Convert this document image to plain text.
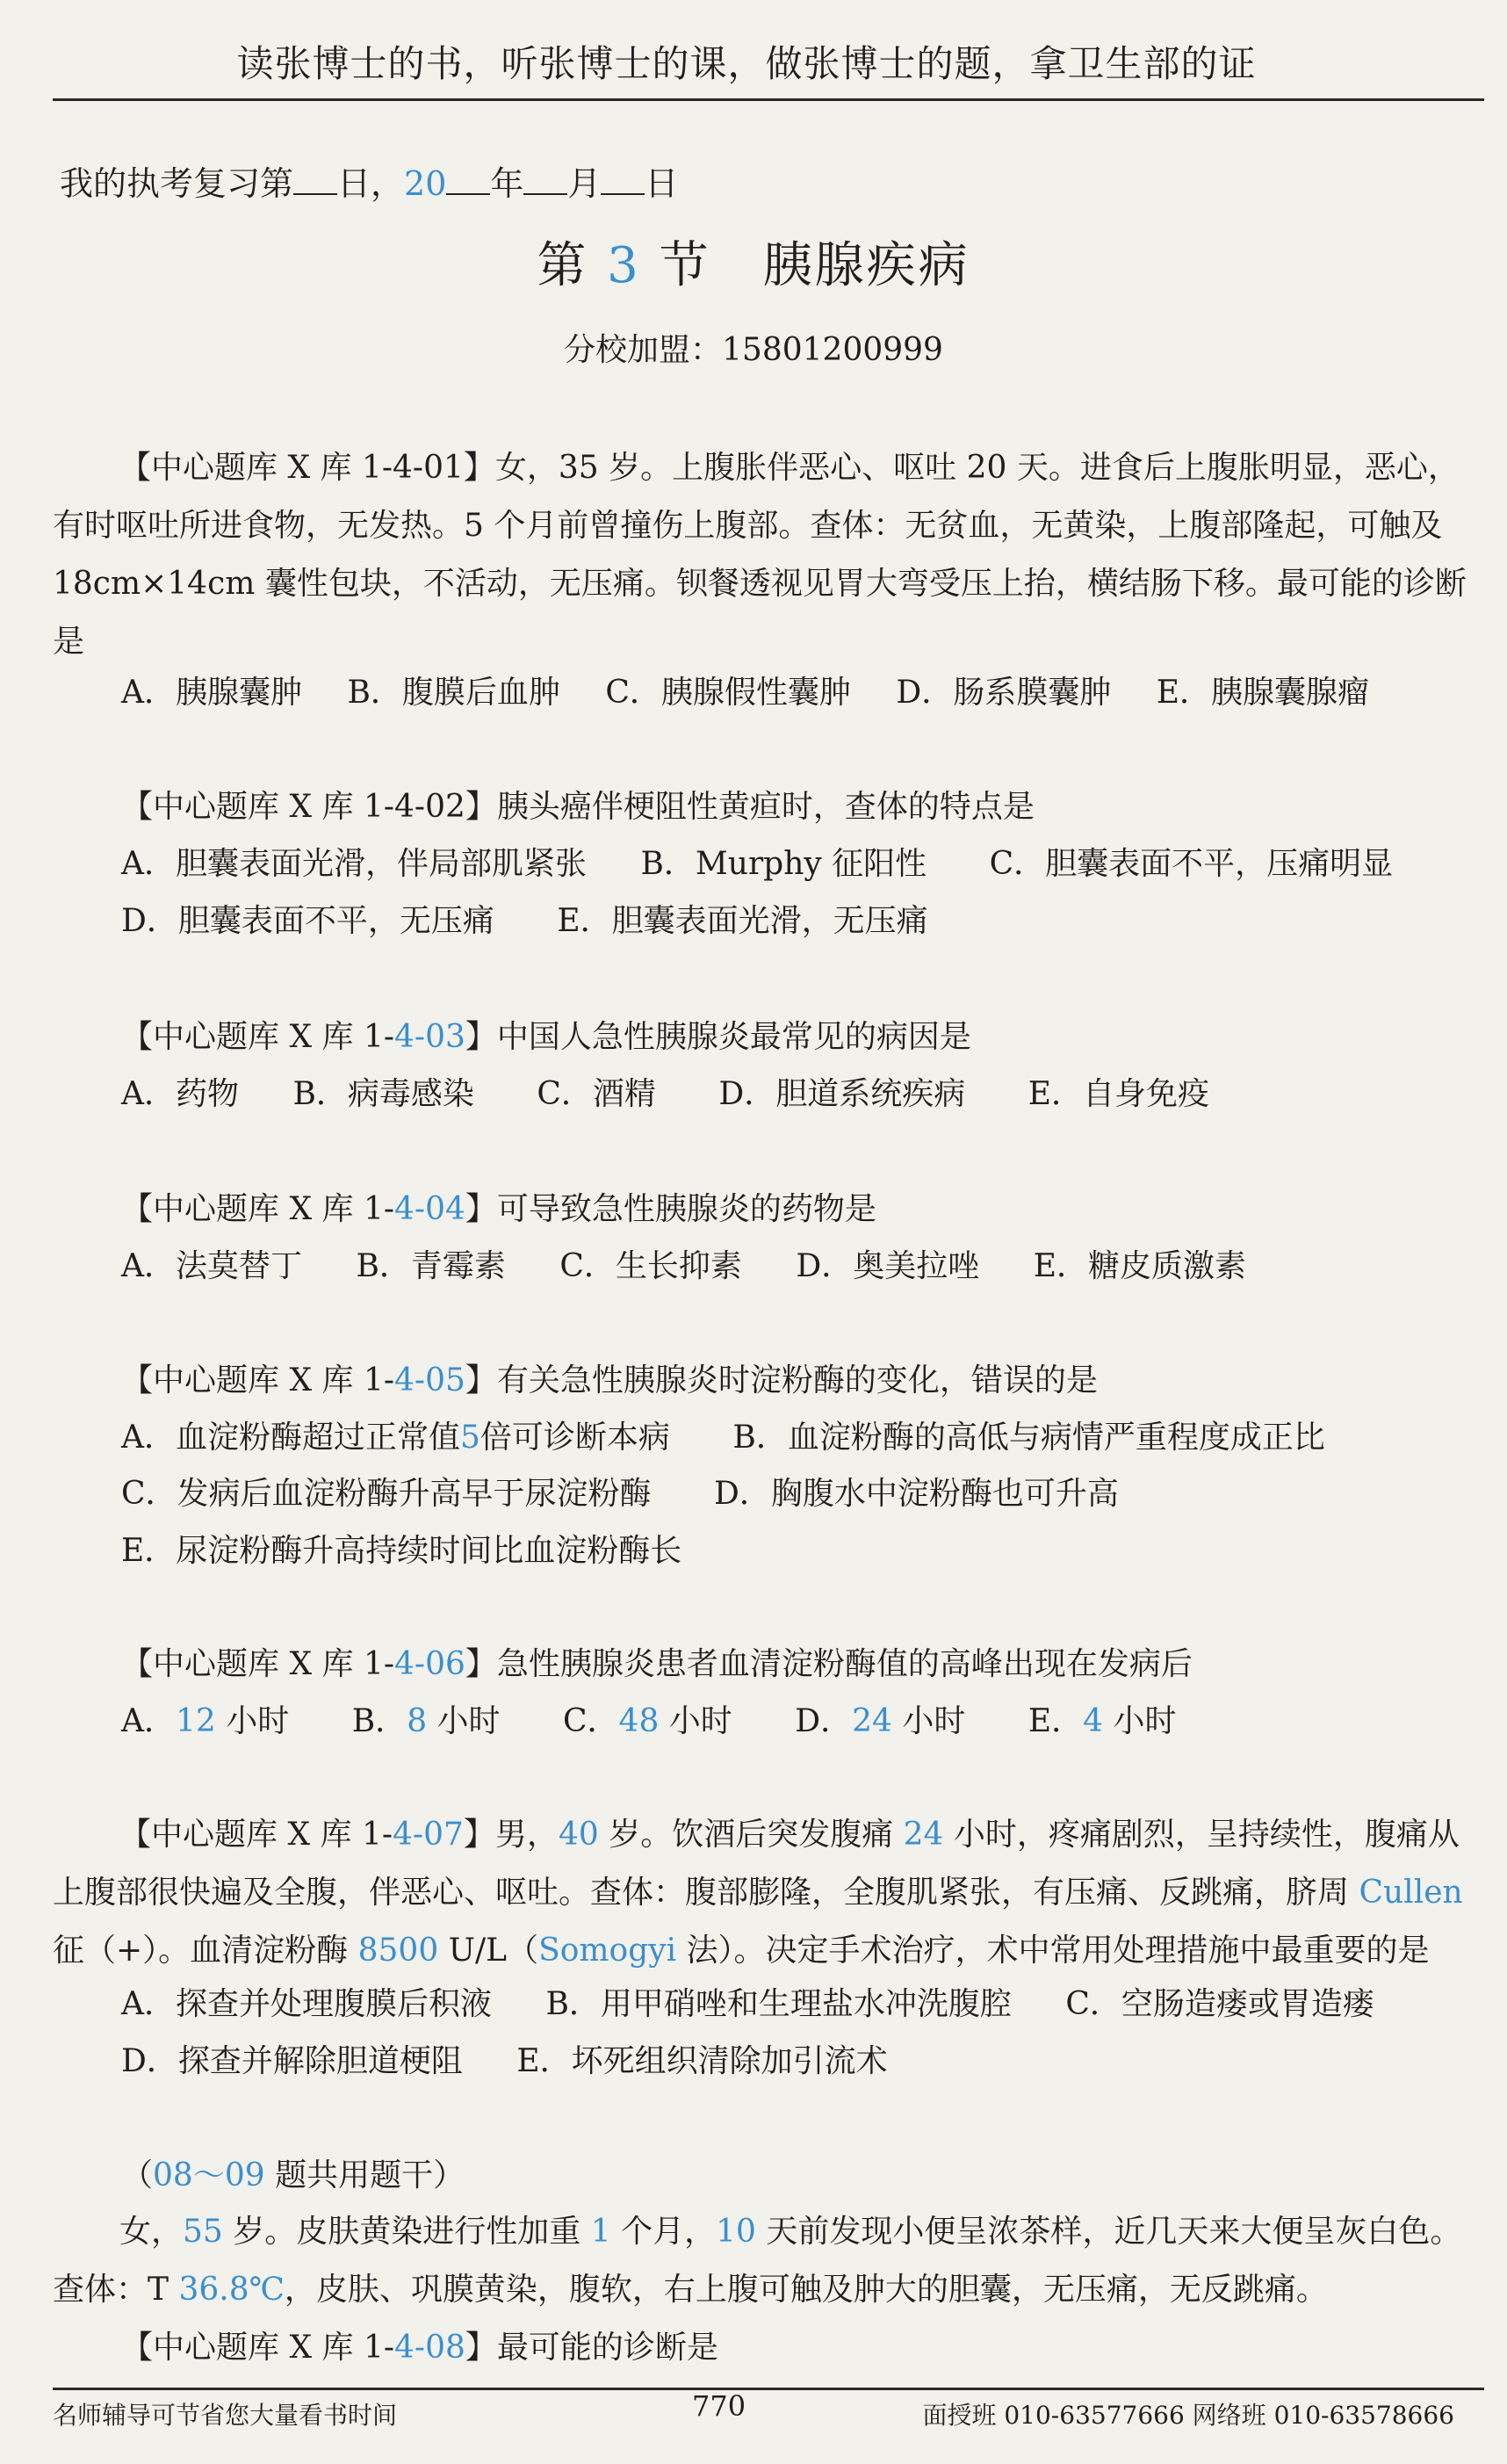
读张博士的书，听张博士的课，做张博士的题，拿卫生部的证
我的执考复习第 日，20 年 月 日
第 3 节　胰腺疾病
分校加盟：15801200999
【中心题库 X 库 1-4-01】女，35 岁。上腹胀伴恶心、呕吐 20 天。进食后上腹胀明显，恶心，有时呕吐所进食物，无发热。5 个月前曾撞伤上腹部。查体：无贫血，无黄染，上腹部隆起，可触及 18cm×14cm 囊性包块，不活动，无压痛。钡餐透视见胃大弯受压上抬，横结肠下移。最可能的诊断是
A．胰腺囊肿 B．腹膜后血肿 C．胰腺假性囊肿 D．肠系膜囊肿 E．胰腺囊腺瘤
【中心题库 X 库 1-4-02】胰头癌伴梗阻性黄疸时，查体的特点是
A．胆囊表面光滑，伴局部肌紧张 B．Murphy 征阳性 C．胆囊表面不平，压痛明显
D．胆囊表面不平，无压痛 E．胆囊表面光滑，无压痛
【中心题库 X 库 1-4-03】中国人急性胰腺炎最常见的病因是
A．药物 B．病毒感染 C．酒精 D．胆道系统疾病 E．自身免疫
【中心题库 X 库 1-4-04】可导致急性胰腺炎的药物是
A．法莫替丁 B．青霉素 C．生长抑素 D．奥美拉唑 E．糖皮质激素
【中心题库 X 库 1-4-05】有关急性胰腺炎时淀粉酶的变化，错误的是
A．血淀粉酶超过正常值5倍可诊断本病 B．血淀粉酶的高低与病情严重程度成正比
C．发病后血淀粉酶升高早于尿淀粉酶 D．胸腹水中淀粉酶也可升高
E．尿淀粉酶升高持续时间比血淀粉酶长
【中心题库 X 库 1-4-06】急性胰腺炎患者血清淀粉酶值的高峰出现在发病后
A．12 小时 B．8 小时 C．48 小时 D．24 小时 E．4 小时
【中心题库 X 库 1-4-07】男，40 岁。饮酒后突发腹痛 24 小时，疼痛剧烈，呈持续性，腹痛从上腹部很快遍及全腹，伴恶心、呕吐。查体：腹部膨隆，全腹肌紧张，有压痛、反跳痛，脐周 Cullen 征（+）。血清淀粉酶 8500 U/L（Somogyi 法）。决定手术治疗，术中常用处理措施中最重要的是
A．探查并处理腹膜后积液 B．用甲硝唑和生理盐水冲洗腹腔 C．空肠造瘘或胃造瘘
D．探查并解除胆道梗阻 E．坏死组织清除加引流术
（08～09 题共用题干）
女，55 岁。皮肤黄染进行性加重 1 个月，10 天前发现小便呈浓茶样，近几天来大便呈灰白色。查体：T 36.8℃，皮肤、巩膜黄染，腹软，右上腹可触及肿大的胆囊，无压痛，无反跳痛。
【中心题库 X 库 1-4-08】最可能的诊断是
名师辅导可节省您大量看书时间	770	面授班 010-63577666 网络班 010-63578666
